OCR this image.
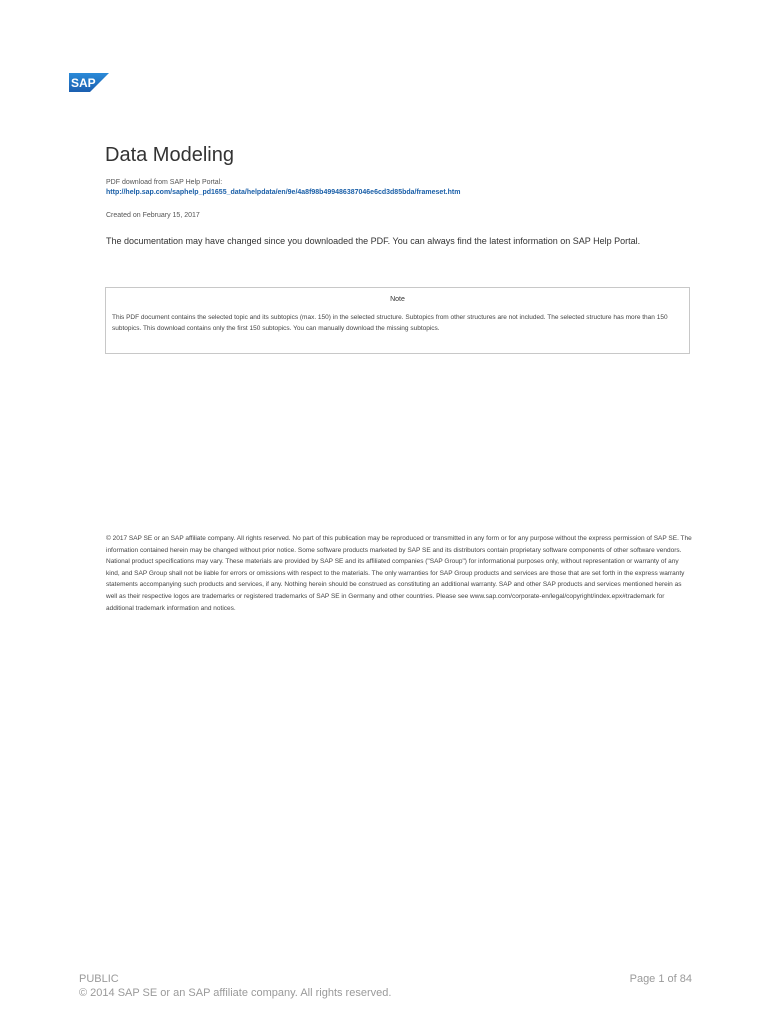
SAP
Data Modeling
PDF download from SAP Help Portal:
http://help.sap.com/saphelp_pd1655_data/helpdata/en/9e/4a8f98b499486387046e6cd3d85bda/frameset.htm
Created on February 15, 2017
The documentation may have changed since you downloaded the PDF. You can always find the latest information on SAP Help Portal.
Note
This PDF document contains the selected topic and its subtopics (max. 150) in the selected structure. Subtopics from other structures are not included. The selected structure has more than 150 subtopics. This download contains only the first 150 subtopics. You can manually download the missing subtopics.
© 2017 SAP SE or an SAP affiliate company. All rights reserved. No part of this publication may be reproduced or transmitted in any form or for any purpose without the express permission of SAP SE. The information contained herein may be changed without prior notice. Some software products marketed by SAP SE and its distributors contain proprietary software components of other software vendors. National product specifications may vary. These materials are provided by SAP SE and its affiliated companies ("SAP Group") for informational purposes only, without representation or warranty of any kind, and SAP Group shall not be liable for errors or omissions with respect to the materials. The only warranties for SAP Group products and services are those that are set forth in the express warranty statements accompanying such products and services, if any. Nothing herein should be construed as constituting an additional warranty. SAP and other SAP products and services mentioned herein as well as their respective logos are trademarks or registered trademarks of SAP SE in Germany and other countries. Please see www.sap.com/corporate-en/legal/copyright/index.epx#trademark for additional trademark information and notices.
PUBLIC
© 2014 SAP SE or an SAP affiliate company. All rights reserved.
Page 1 of 84
